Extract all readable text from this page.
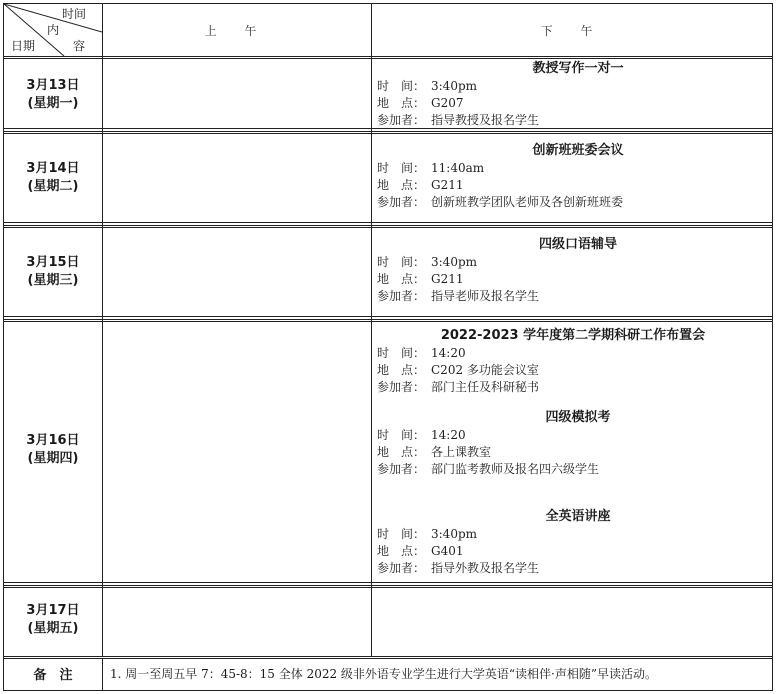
时间
内
容
日期
上 午	下 午
3月13日
(星期一)
教授写作一对一
时　间： 3:40pm
地　点： G207
参加者： 指导教授及报名学生
3月14日
(星期二)
创新班班委会议
时　间： 11:40am
地　点： G211
参加者： 创新班教学团队老师及各创新班班委
3月15日
(星期三)
四级口语辅导
时　间： 3:40pm
地　点： G211
参加者： 指导老师及报名学生
3月16日
(星期四)
2022-2023 学年度第二学期科研工作布置会
时　间： 14:20
地　点： C202 多功能会议室
参加者： 部门主任及科研秘书
四级模拟考
时　间： 14:20
地　点： 各上课教室
参加者： 部门监考教师及报名四六级学生
全英语讲座
时　间： 3:40pm
地　点： G401
参加者： 指导外教及报名学生
3月17日
(星期五)
备　注	1. 周一至周五早 7：45-8：15 全体 2022 级非外语专业学生进行大学英语“读相伴·声相随”早读活动。
